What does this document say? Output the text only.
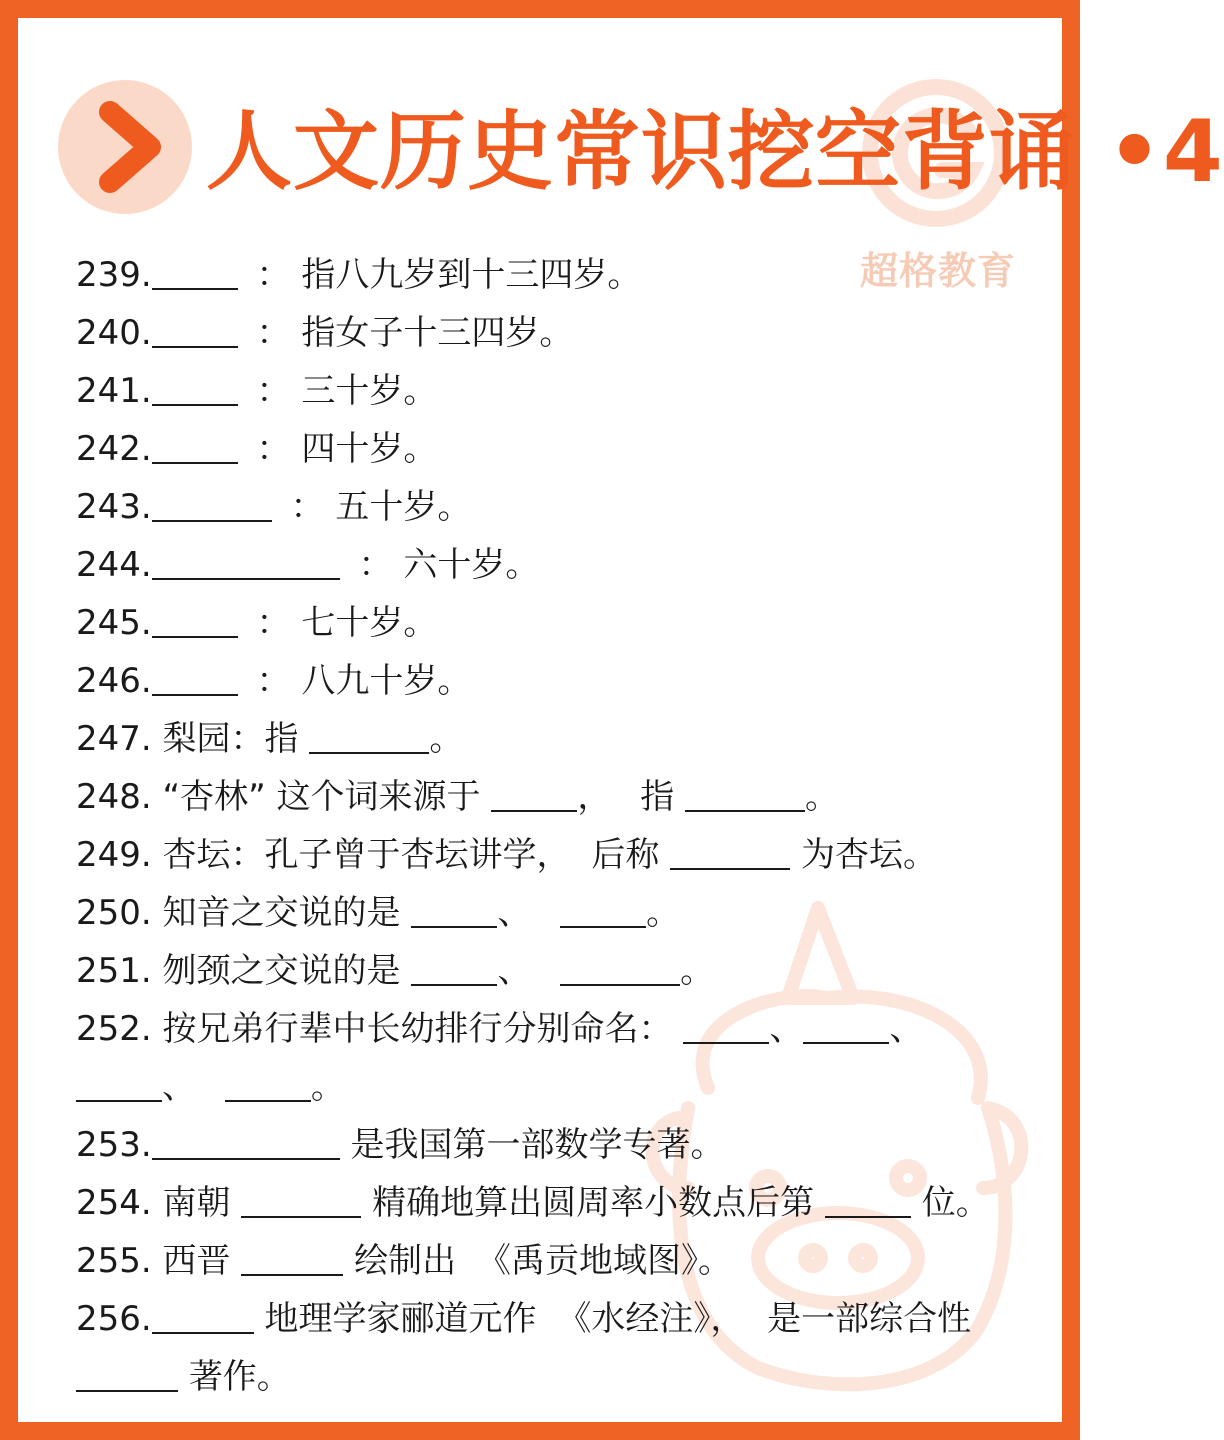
超格教育
人文历史常识挖空背诵 •4
239.	： 指八九岁到十三四岁。
240.	： 指女子十三四岁。
241.	： 三十岁。
242.	： 四十岁。
243.	： 五十岁。
244.	： 六十岁。
245.	： 七十岁。
246.	： 八九十岁。
247. 梨园：指	。
248. “杏林” 这个词来源于	， 指	。
249. 杏坛：孔子曾于杏坛讲学， 后称	为杏坛。
250. 知音之交说的是	、	。
251. 刎颈之交说的是	、	。
252. 按兄弟行辈中长幼排行分别命名：	、	、
、	。
253.	是我国第一部数学专著。
254. 南朝	精确地算出圆周率小数点后第	位。
255. 西晋	绘制出 《禹贡地域图》。
256.	地理学家郦道元作 《水经注》， 是一部综合性
著作。
